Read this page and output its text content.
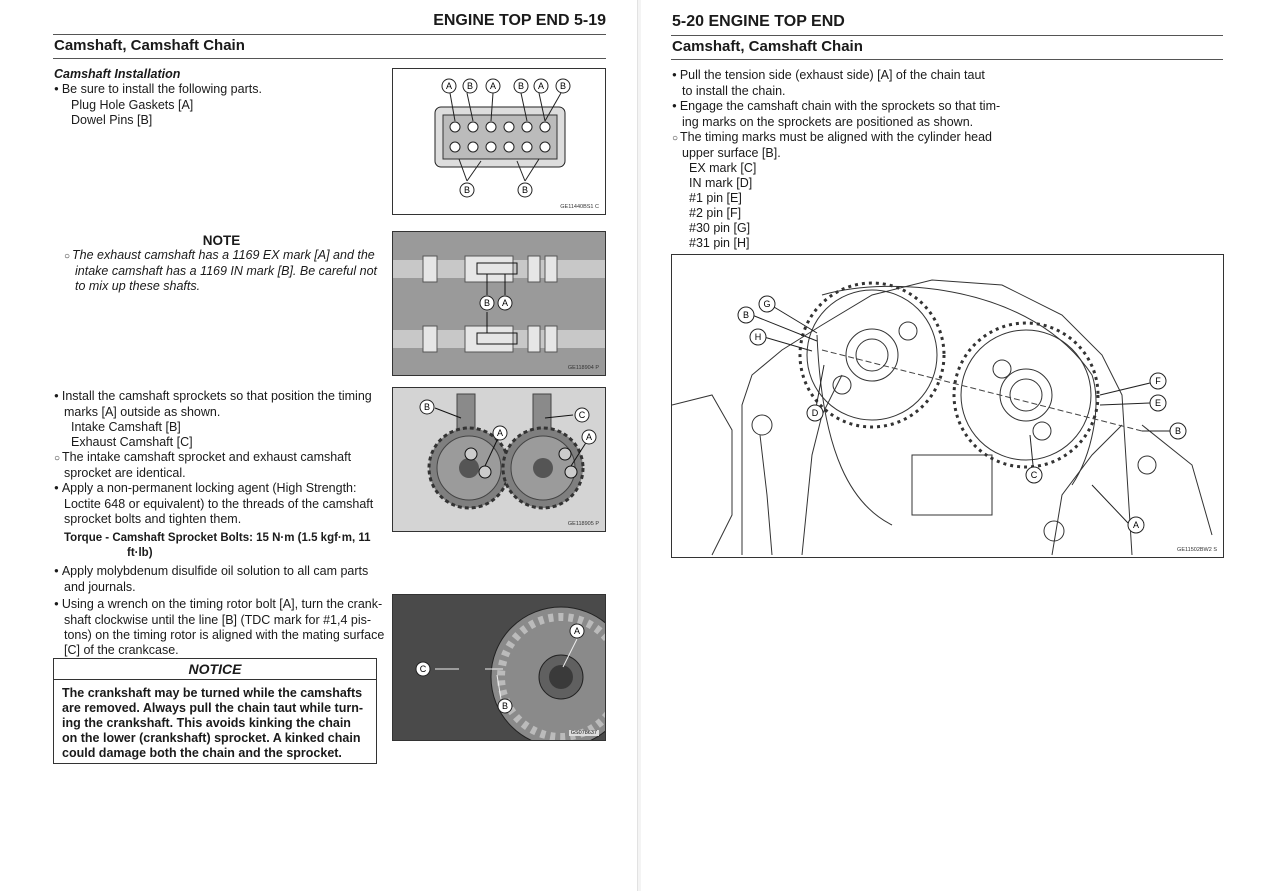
ENGINE TOP END 5-19
Camshaft, Camshaft Chain
Camshaft Installation
● Be sure to install the following parts.
Plug Hole Gaskets [A]
Dowel Pins [B]
NOTE
○ The exhaust camshaft has a 1169 EX mark [A] and the
intake camshaft has a 1169 IN mark [B]. Be careful not
to mix up these shafts.
● Install the camshaft sprockets so that position the timing
marks [A] outside as shown.
Intake Camshaft [B]
Exhaust Camshaft [C]
○ The intake camshaft sprocket and exhaust camshaft
sprocket are identical.
● Apply a non-permanent locking agent (High Strength:
Loctite 648 or equivalent) to the threads of the camshaft
sprocket bolts and tighten them.
Torque - Camshaft Sprocket Bolts: 15 N·m (1.5 kgf·m, 11
ft·lb)
● Apply molybdenum disulfide oil solution to all cam parts
and journals.
● Using a wrench on the timing rotor bolt [A], turn the crank-
shaft clockwise until the line [B] (TDC mark for #1,4 pis-
tons) on the timing rotor is aligned with the mating surface
[C] of the crankcase.
NOTICE
The crankshaft may be turned while the camshafts
are removed. Always pull the chain taut while turn-
ing the crankshaft. This avoids kinking the chain
on the lower (crankshaft) sprocket. A kinked chain
could damage both the chain and the sprocket.
A B A B A B
B	B
GE11440BS1 C
B A
GE118904 P
B
C
A	A
GE118905 P
A
C
B
GS078637
5-20 ENGINE TOP END
Camshaft, Camshaft Chain
● Pull the tension side (exhaust side) [A] of the chain taut
to install the chain.
● Engage the camshaft chain with the sprockets so that tim-
ing marks on the sprockets are positioned as shown.
○ The timing marks must be aligned with the cylinder head
upper surface [B].
EX mark [C]
IN mark [D]
#1 pin [E]
#2 pin [F]
#30 pin [G]
#31 pin [H]
B
G
H
D
F
E
B
C
A
GE11502BW2 S
